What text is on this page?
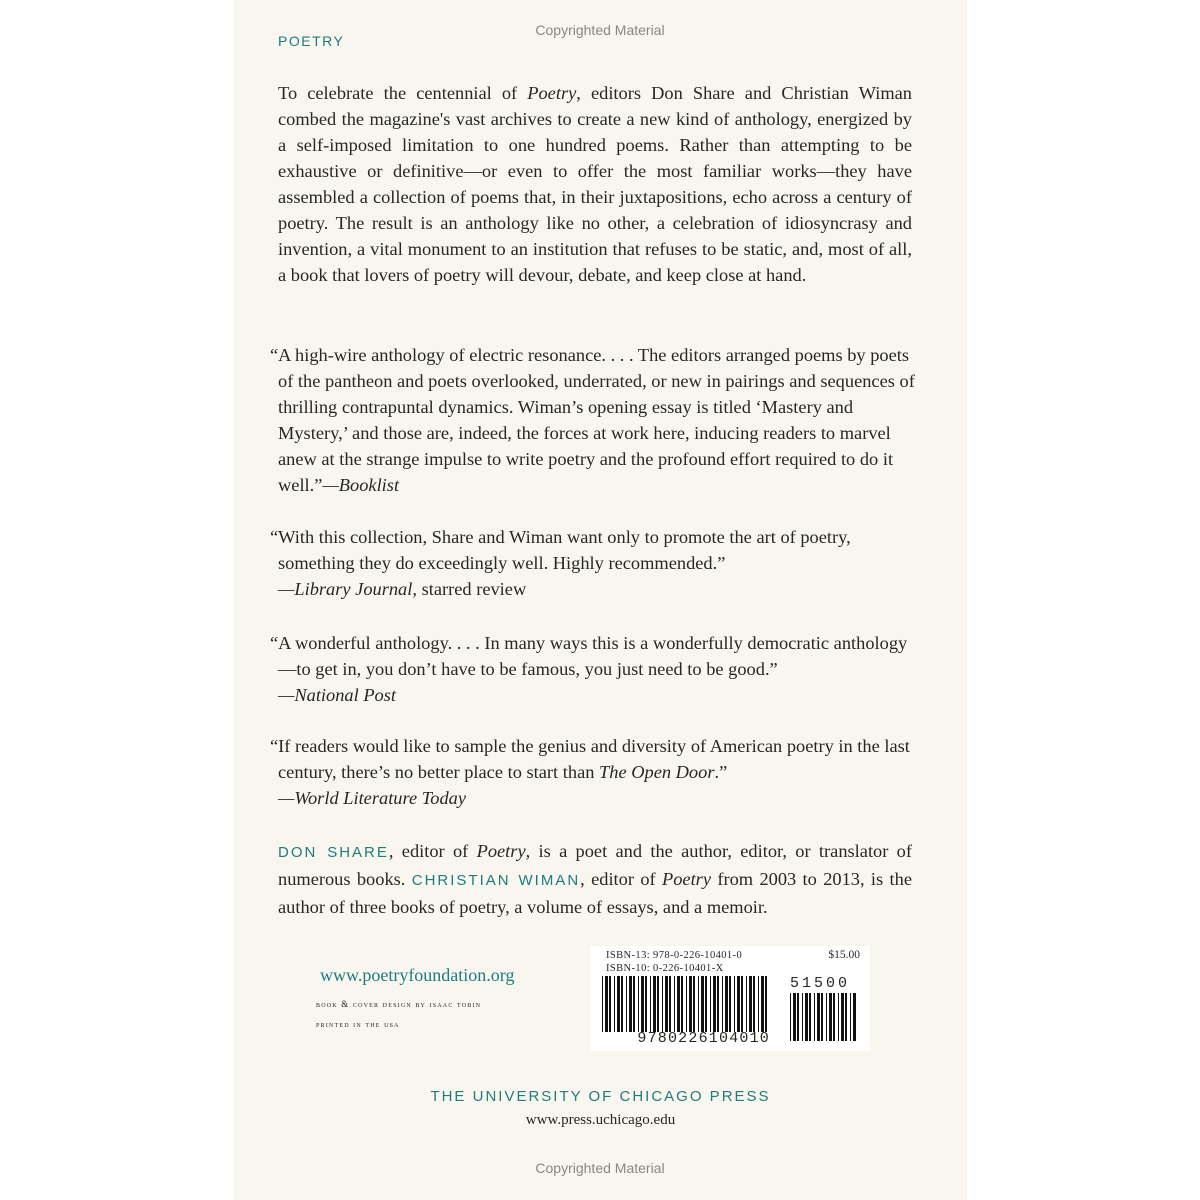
Copyrighted Material
Copyrighted Material
POETRY

To celebrate the centennial of Poetry, editors Don Share and Christian Wiman combed the magazine's vast archives to create a new kind of anthology, energized by a self-imposed limitation to one hundred poems. Rather than attempting to be exhaustive or definitive—or even to offer the most familiar works—they have assembled a collection of poems that, in their juxtapositions, echo across a century of poetry. The result is an anthology like no other, a celebration of idiosyncrasy and invention, a vital monument to an institution that refuses to be static, and, most of all, a book that lovers of poetry will devour, debate, and keep close at hand.

“A high-wire anthology of electric resonance. . . . The editors arranged poems by poets of the pantheon and poets overlooked, underrated, or new in pairings and sequences of thrilling contrapuntal dynamics. Wiman’s opening essay is titled ‘Mastery and Mystery,’ and those are, indeed, the forces at work here, inducing readers to marvel anew at the strange impulse to write poetry and the profound effort required to do it well.”—Booklist

“With this collection, Share and Wiman want only to promote the art of poetry, something they do exceedingly well. Highly recommended.”
—Library Journal, starred review

“A wonderful anthology. . . . In many ways this is a wonderfully democratic anthology—to get in, you don’t have to be famous, you just need to be good.”
—National Post

“If readers would like to sample the genius and diversity of American poetry in the last century, there’s no better place to start than The Open Door.”
—World Literature Today

DON SHARE, editor of Poetry, is a poet and the author, editor, or translator of numerous books. CHRISTIAN WIMAN, editor of Poetry from 2003 to 2013, is the author of three books of poetry, a volume of essays, and a memoir.

www.poetryfoundation.org
book & cover design by isaac tobin
printed in the usa
ISBN-13: 978-0-226-10401-0
ISBN-10: 0-226-10401-X
$15.00
51500
9780226104010
THE UNIVERSITY OF CHICAGO PRESS
www.press.uchicago.edu
